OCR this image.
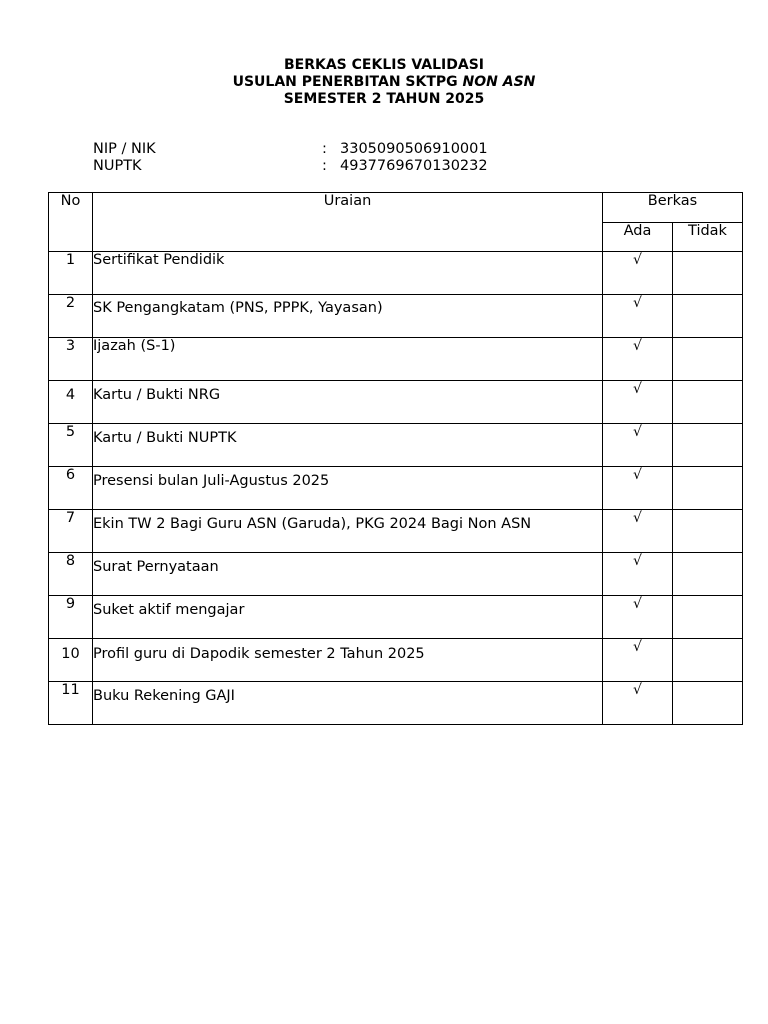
BERKAS CEKLIS VALIDASI
USULAN PENERBITAN SKTPG NON ASN
SEMESTER 2 TAHUN 2025
NIP / NIK	: 3305090506910001
NUPTK	: 4937769670130232
No	Uraian	Berkas	
		Ada	Tidak
1	Sertifikat Pendidik	√	
2	SK Pengangkatam (PNS, PPPK, Yayasan)	√	
3	Ijazah (S-1)	√	
4	Kartu / Bukti NRG	√	
5	Kartu / Bukti NUPTK	√	
6	Presensi bulan Juli-Agustus 2025	√	
7	Ekin TW 2 Bagi Guru ASN (Garuda), PKG 2024 Bagi Non ASN	√	
8	Surat Pernyataan	√	
9	Suket aktif mengajar	√	
10	Profil guru di Dapodik semester 2 Tahun 2025	√	
11	Buku Rekening GAJI	√	
